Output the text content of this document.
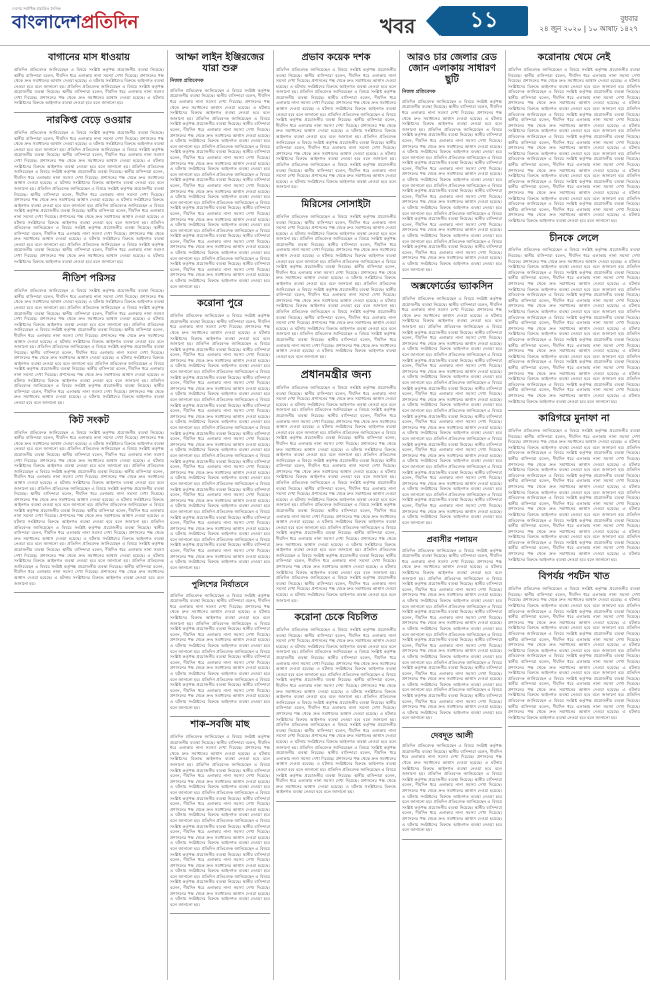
দেশের সর্বাধিক প্রচারিত দৈনিক
বাংলাদেশপ্রতিদিন	খবর	১১	বুধবার
২৪ জুন ২০২০ | ১০ আষাঢ় ১৪২৭
বাগানের মাস ধাওয়ায়

প্রতিদিন প্রতিবেদক জানিয়েছেন এ বিষয়ে সংশ্লিষ্ট কর্তৃপক্ষ প্রয়োজনীয় ব্যবস্থা নিয়েছে। স্থানীয় বাসিন্দারা বলেন, দীর্ঘদিন ধরে এলাকায় নানা সমস্যা দেখা দিয়েছে। প্রশাসনের পক্ষ থেকে দ্রুত সমাধানের আশ্বাস দেওয়া হয়েছে। এ ঘটনায় সংশ্লিষ্টদের বিরুদ্ধে আইনগত ব্যবস্থা নেওয়া হবে বলে জানানো হয়। প্রতিদিন প্রতিবেদক জানিয়েছেন এ বিষয়ে সংশ্লিষ্ট কর্তৃপক্ষ প্রয়োজনীয় ব্যবস্থা নিয়েছে। স্থানীয় বাসিন্দারা বলেন, দীর্ঘদিন ধরে এলাকায় নানা সমস্যা দেখা দিয়েছে। প্রশাসনের পক্ষ থেকে দ্রুত সমাধানের আশ্বাস দেওয়া হয়েছে। এ ঘটনায় সংশ্লিষ্টদের বিরুদ্ধে আইনগত ব্যবস্থা নেওয়া হবে বলে জানানো হয়।

নারকিপ্ত বেড়ে ওওয়ার

প্রতিদিন প্রতিবেদক জানিয়েছেন এ বিষয়ে সংশ্লিষ্ট কর্তৃপক্ষ প্রয়োজনীয় ব্যবস্থা নিয়েছে। স্থানীয় বাসিন্দারা বলেন, দীর্ঘদিন ধরে এলাকায় নানা সমস্যা দেখা দিয়েছে। প্রশাসনের পক্ষ থেকে দ্রুত সমাধানের আশ্বাস দেওয়া হয়েছে। এ ঘটনায় সংশ্লিষ্টদের বিরুদ্ধে আইনগত ব্যবস্থা নেওয়া হবে বলে জানানো হয়। প্রতিদিন প্রতিবেদক জানিয়েছেন এ বিষয়ে সংশ্লিষ্ট কর্তৃপক্ষ প্রয়োজনীয় ব্যবস্থা নিয়েছে। স্থানীয় বাসিন্দারা বলেন, দীর্ঘদিন ধরে এলাকায় নানা সমস্যা দেখা দিয়েছে। প্রশাসনের পক্ষ থেকে দ্রুত সমাধানের আশ্বাস দেওয়া হয়েছে। এ ঘটনায় সংশ্লিষ্টদের বিরুদ্ধে আইনগত ব্যবস্থা নেওয়া হবে বলে জানানো হয়। প্রতিদিন প্রতিবেদক জানিয়েছেন এ বিষয়ে সংশ্লিষ্ট কর্তৃপক্ষ প্রয়োজনীয় ব্যবস্থা নিয়েছে। স্থানীয় বাসিন্দারা বলেন, দীর্ঘদিন ধরে এলাকায় নানা সমস্যা দেখা দিয়েছে। প্রশাসনের পক্ষ থেকে দ্রুত সমাধানের আশ্বাস দেওয়া হয়েছে। এ ঘটনায় সংশ্লিষ্টদের বিরুদ্ধে আইনগত ব্যবস্থা নেওয়া হবে বলে জানানো হয়। প্রতিদিন প্রতিবেদক জানিয়েছেন এ বিষয়ে সংশ্লিষ্ট কর্তৃপক্ষ প্রয়োজনীয় ব্যবস্থা নিয়েছে। স্থানীয় বাসিন্দারা বলেন, দীর্ঘদিন ধরে এলাকায় নানা সমস্যা দেখা দিয়েছে। প্রশাসনের পক্ষ থেকে দ্রুত সমাধানের আশ্বাস দেওয়া হয়েছে। এ ঘটনায় সংশ্লিষ্টদের বিরুদ্ধে আইনগত ব্যবস্থা নেওয়া হবে বলে জানানো হয়। প্রতিদিন প্রতিবেদক জানিয়েছেন এ বিষয়ে সংশ্লিষ্ট কর্তৃপক্ষ প্রয়োজনীয় ব্যবস্থা নিয়েছে। স্থানীয় বাসিন্দারা বলেন, দীর্ঘদিন ধরে এলাকায় নানা সমস্যা দেখা দিয়েছে। প্রশাসনের পক্ষ থেকে দ্রুত সমাধানের আশ্বাস দেওয়া হয়েছে। এ ঘটনায় সংশ্লিষ্টদের বিরুদ্ধে আইনগত ব্যবস্থা নেওয়া হবে বলে জানানো হয়। প্রতিদিন প্রতিবেদক জানিয়েছেন এ বিষয়ে সংশ্লিষ্ট কর্তৃপক্ষ প্রয়োজনীয় ব্যবস্থা নিয়েছে। স্থানীয় বাসিন্দারা বলেন, দীর্ঘদিন ধরে এলাকায় নানা সমস্যা দেখা দিয়েছে। প্রশাসনের পক্ষ থেকে দ্রুত সমাধানের আশ্বাস দেওয়া হয়েছে। এ ঘটনায় সংশ্লিষ্টদের বিরুদ্ধে আইনগত ব্যবস্থা নেওয়া হবে বলে জানানো হয়। প্রতিদিন প্রতিবেদক জানিয়েছেন এ বিষয়ে সংশ্লিষ্ট কর্তৃপক্ষ প্রয়োজনীয় ব্যবস্থা নিয়েছে। স্থানীয় বাসিন্দারা বলেন, দীর্ঘদিন ধরে এলাকায় নানা সমস্যা দেখা দিয়েছে। প্রশাসনের পক্ষ থেকে দ্রুত সমাধানের আশ্বাস দেওয়া হয়েছে। এ ঘটনায় সংশ্লিষ্টদের বিরুদ্ধে আইনগত ব্যবস্থা নেওয়া হবে বলে জানানো হয়।

নীতিশ পরিসর

প্রতিদিন প্রতিবেদক জানিয়েছেন এ বিষয়ে সংশ্লিষ্ট কর্তৃপক্ষ প্রয়োজনীয় ব্যবস্থা নিয়েছে। স্থানীয় বাসিন্দারা বলেন, দীর্ঘদিন ধরে এলাকায় নানা সমস্যা দেখা দিয়েছে। প্রশাসনের পক্ষ থেকে দ্রুত সমাধানের আশ্বাস দেওয়া হয়েছে। এ ঘটনায় সংশ্লিষ্টদের বিরুদ্ধে আইনগত ব্যবস্থা নেওয়া হবে বলে জানানো হয়। প্রতিদিন প্রতিবেদক জানিয়েছেন এ বিষয়ে সংশ্লিষ্ট কর্তৃপক্ষ প্রয়োজনীয় ব্যবস্থা নিয়েছে। স্থানীয় বাসিন্দারা বলেন, দীর্ঘদিন ধরে এলাকায় নানা সমস্যা দেখা দিয়েছে। প্রশাসনের পক্ষ থেকে দ্রুত সমাধানের আশ্বাস দেওয়া হয়েছে। এ ঘটনায় সংশ্লিষ্টদের বিরুদ্ধে আইনগত ব্যবস্থা নেওয়া হবে বলে জানানো হয়। প্রতিদিন প্রতিবেদক জানিয়েছেন এ বিষয়ে সংশ্লিষ্ট কর্তৃপক্ষ প্রয়োজনীয় ব্যবস্থা নিয়েছে। স্থানীয় বাসিন্দারা বলেন, দীর্ঘদিন ধরে এলাকায় নানা সমস্যা দেখা দিয়েছে। প্রশাসনের পক্ষ থেকে দ্রুত সমাধানের আশ্বাস দেওয়া হয়েছে। এ ঘটনায় সংশ্লিষ্টদের বিরুদ্ধে আইনগত ব্যবস্থা নেওয়া হবে বলে জানানো হয়। প্রতিদিন প্রতিবেদক জানিয়েছেন এ বিষয়ে সংশ্লিষ্ট কর্তৃপক্ষ প্রয়োজনীয় ব্যবস্থা নিয়েছে। স্থানীয় বাসিন্দারা বলেন, দীর্ঘদিন ধরে এলাকায় নানা সমস্যা দেখা দিয়েছে। প্রশাসনের পক্ষ থেকে দ্রুত সমাধানের আশ্বাস দেওয়া হয়েছে। এ ঘটনায় সংশ্লিষ্টদের বিরুদ্ধে আইনগত ব্যবস্থা নেওয়া হবে বলে জানানো হয়। প্রতিদিন প্রতিবেদক জানিয়েছেন এ বিষয়ে সংশ্লিষ্ট কর্তৃপক্ষ প্রয়োজনীয় ব্যবস্থা নিয়েছে। স্থানীয় বাসিন্দারা বলেন, দীর্ঘদিন ধরে এলাকায় নানা সমস্যা দেখা দিয়েছে। প্রশাসনের পক্ষ থেকে দ্রুত সমাধানের আশ্বাস দেওয়া হয়েছে। এ ঘটনায় সংশ্লিষ্টদের বিরুদ্ধে আইনগত ব্যবস্থা নেওয়া হবে বলে জানানো হয়। প্রতিদিন প্রতিবেদক জানিয়েছেন এ বিষয়ে সংশ্লিষ্ট কর্তৃপক্ষ প্রয়োজনীয় ব্যবস্থা নিয়েছে। স্থানীয় বাসিন্দারা বলেন, দীর্ঘদিন ধরে এলাকায় নানা সমস্যা দেখা দিয়েছে। প্রশাসনের পক্ষ থেকে দ্রুত সমাধানের আশ্বাস দেওয়া হয়েছে। এ ঘটনায় সংশ্লিষ্টদের বিরুদ্ধে আইনগত ব্যবস্থা নেওয়া হবে বলে জানানো হয়।

কিট সংকট

প্রতিদিন প্রতিবেদক জানিয়েছেন এ বিষয়ে সংশ্লিষ্ট কর্তৃপক্ষ প্রয়োজনীয় ব্যবস্থা নিয়েছে। স্থানীয় বাসিন্দারা বলেন, দীর্ঘদিন ধরে এলাকায় নানা সমস্যা দেখা দিয়েছে। প্রশাসনের পক্ষ থেকে দ্রুত সমাধানের আশ্বাস দেওয়া হয়েছে। এ ঘটনায় সংশ্লিষ্টদের বিরুদ্ধে আইনগত ব্যবস্থা নেওয়া হবে বলে জানানো হয়। প্রতিদিন প্রতিবেদক জানিয়েছেন এ বিষয়ে সংশ্লিষ্ট কর্তৃপক্ষ প্রয়োজনীয় ব্যবস্থা নিয়েছে। স্থানীয় বাসিন্দারা বলেন, দীর্ঘদিন ধরে এলাকায় নানা সমস্যা দেখা দিয়েছে। প্রশাসনের পক্ষ থেকে দ্রুত সমাধানের আশ্বাস দেওয়া হয়েছে। এ ঘটনায় সংশ্লিষ্টদের বিরুদ্ধে আইনগত ব্যবস্থা নেওয়া হবে বলে জানানো হয়। প্রতিদিন প্রতিবেদক জানিয়েছেন এ বিষয়ে সংশ্লিষ্ট কর্তৃপক্ষ প্রয়োজনীয় ব্যবস্থা নিয়েছে। স্থানীয় বাসিন্দারা বলেন, দীর্ঘদিন ধরে এলাকায় নানা সমস্যা দেখা দিয়েছে। প্রশাসনের পক্ষ থেকে দ্রুত সমাধানের আশ্বাস দেওয়া হয়েছে। এ ঘটনায় সংশ্লিষ্টদের বিরুদ্ধে আইনগত ব্যবস্থা নেওয়া হবে বলে জানানো হয়। প্রতিদিন প্রতিবেদক জানিয়েছেন এ বিষয়ে সংশ্লিষ্ট কর্তৃপক্ষ প্রয়োজনীয় ব্যবস্থা নিয়েছে। স্থানীয় বাসিন্দারা বলেন, দীর্ঘদিন ধরে এলাকায় নানা সমস্যা দেখা দিয়েছে। প্রশাসনের পক্ষ থেকে দ্রুত সমাধানের আশ্বাস দেওয়া হয়েছে। এ ঘটনায় সংশ্লিষ্টদের বিরুদ্ধে আইনগত ব্যবস্থা নেওয়া হবে বলে জানানো হয়। প্রতিদিন প্রতিবেদক জানিয়েছেন এ বিষয়ে সংশ্লিষ্ট কর্তৃপক্ষ প্রয়োজনীয় ব্যবস্থা নিয়েছে। স্থানীয় বাসিন্দারা বলেন, দীর্ঘদিন ধরে এলাকায় নানা সমস্যা দেখা দিয়েছে। প্রশাসনের পক্ষ থেকে দ্রুত সমাধানের আশ্বাস দেওয়া হয়েছে। এ ঘটনায় সংশ্লিষ্টদের বিরুদ্ধে আইনগত ব্যবস্থা নেওয়া হবে বলে জানানো হয়। প্রতিদিন প্রতিবেদক জানিয়েছেন এ বিষয়ে সংশ্লিষ্ট কর্তৃপক্ষ প্রয়োজনীয় ব্যবস্থা নিয়েছে। স্থানীয় বাসিন্দারা বলেন, দীর্ঘদিন ধরে এলাকায় নানা সমস্যা দেখা দিয়েছে। প্রশাসনের পক্ষ থেকে দ্রুত সমাধানের আশ্বাস দেওয়া হয়েছে। এ ঘটনায় সংশ্লিষ্টদের বিরুদ্ধে আইনগত ব্যবস্থা নেওয়া হবে বলে জানানো হয়। প্রতিদিন প্রতিবেদক জানিয়েছেন এ বিষয়ে সংশ্লিষ্ট কর্তৃপক্ষ প্রয়োজনীয় ব্যবস্থা নিয়েছে। স্থানীয় বাসিন্দারা বলেন, দীর্ঘদিন ধরে এলাকায় নানা সমস্যা দেখা দিয়েছে। প্রশাসনের পক্ষ থেকে দ্রুত সমাধানের আশ্বাস দেওয়া হয়েছে। এ ঘটনায় সংশ্লিষ্টদের বিরুদ্ধে আইনগত ব্যবস্থা নেওয়া হবে বলে জানানো হয়। প্রতিদিন প্রতিবেদক জানিয়েছেন এ বিষয়ে সংশ্লিষ্ট কর্তৃপক্ষ প্রয়োজনীয় ব্যবস্থা নিয়েছে। স্থানীয় বাসিন্দারা বলেন, দীর্ঘদিন ধরে এলাকায় নানা সমস্যা দেখা দিয়েছে। প্রশাসনের পক্ষ থেকে দ্রুত সমাধানের আশ্বাস দেওয়া হয়েছে। এ ঘটনায় সংশ্লিষ্টদের বিরুদ্ধে আইনগত ব্যবস্থা নেওয়া হবে বলে জানানো হয়।

আম্ফা লাইন ইঞ্জিরজের যারা শুরু
নিজস্ব প্রতিবেদক

প্রতিদিন প্রতিবেদক জানিয়েছেন এ বিষয়ে সংশ্লিষ্ট কর্তৃপক্ষ প্রয়োজনীয় ব্যবস্থা নিয়েছে। স্থানীয় বাসিন্দারা বলেন, দীর্ঘদিন ধরে এলাকায় নানা সমস্যা দেখা দিয়েছে। প্রশাসনের পক্ষ থেকে দ্রুত সমাধানের আশ্বাস দেওয়া হয়েছে। এ ঘটনায় সংশ্লিষ্টদের বিরুদ্ধে আইনগত ব্যবস্থা নেওয়া হবে বলে জানানো হয়। প্রতিদিন প্রতিবেদক জানিয়েছেন এ বিষয়ে সংশ্লিষ্ট কর্তৃপক্ষ প্রয়োজনীয় ব্যবস্থা নিয়েছে। স্থানীয় বাসিন্দারা বলেন, দীর্ঘদিন ধরে এলাকায় নানা সমস্যা দেখা দিয়েছে। প্রশাসনের পক্ষ থেকে দ্রুত সমাধানের আশ্বাস দেওয়া হয়েছে। এ ঘটনায় সংশ্লিষ্টদের বিরুদ্ধে আইনগত ব্যবস্থা নেওয়া হবে বলে জানানো হয়। প্রতিদিন প্রতিবেদক জানিয়েছেন এ বিষয়ে সংশ্লিষ্ট কর্তৃপক্ষ প্রয়োজনীয় ব্যবস্থা নিয়েছে। স্থানীয় বাসিন্দারা বলেন, দীর্ঘদিন ধরে এলাকায় নানা সমস্যা দেখা দিয়েছে। প্রশাসনের পক্ষ থেকে দ্রুত সমাধানের আশ্বাস দেওয়া হয়েছে। এ ঘটনায় সংশ্লিষ্টদের বিরুদ্ধে আইনগত ব্যবস্থা নেওয়া হবে বলে জানানো হয়। প্রতিদিন প্রতিবেদক জানিয়েছেন এ বিষয়ে সংশ্লিষ্ট কর্তৃপক্ষ প্রয়োজনীয় ব্যবস্থা নিয়েছে। স্থানীয় বাসিন্দারা বলেন, দীর্ঘদিন ধরে এলাকায় নানা সমস্যা দেখা দিয়েছে। প্রশাসনের পক্ষ থেকে দ্রুত সমাধানের আশ্বাস দেওয়া হয়েছে। এ ঘটনায় সংশ্লিষ্টদের বিরুদ্ধে আইনগত ব্যবস্থা নেওয়া হবে বলে জানানো হয়। প্রতিদিন প্রতিবেদক জানিয়েছেন এ বিষয়ে সংশ্লিষ্ট কর্তৃপক্ষ প্রয়োজনীয় ব্যবস্থা নিয়েছে। স্থানীয় বাসিন্দারা বলেন, দীর্ঘদিন ধরে এলাকায় নানা সমস্যা দেখা দিয়েছে। প্রশাসনের পক্ষ থেকে দ্রুত সমাধানের আশ্বাস দেওয়া হয়েছে। এ ঘটনায় সংশ্লিষ্টদের বিরুদ্ধে আইনগত ব্যবস্থা নেওয়া হবে বলে জানানো হয়। প্রতিদিন প্রতিবেদক জানিয়েছেন এ বিষয়ে সংশ্লিষ্ট কর্তৃপক্ষ প্রয়োজনীয় ব্যবস্থা নিয়েছে। স্থানীয় বাসিন্দারা বলেন, দীর্ঘদিন ধরে এলাকায় নানা সমস্যা দেখা দিয়েছে। প্রশাসনের পক্ষ থেকে দ্রুত সমাধানের আশ্বাস দেওয়া হয়েছে। এ ঘটনায় সংশ্লিষ্টদের বিরুদ্ধে আইনগত ব্যবস্থা নেওয়া হবে বলে জানানো হয়। প্রতিদিন প্রতিবেদক জানিয়েছেন এ বিষয়ে সংশ্লিষ্ট কর্তৃপক্ষ প্রয়োজনীয় ব্যবস্থা নিয়েছে। স্থানীয় বাসিন্দারা বলেন, দীর্ঘদিন ধরে এলাকায় নানা সমস্যা দেখা দিয়েছে। প্রশাসনের পক্ষ থেকে দ্রুত সমাধানের আশ্বাস দেওয়া হয়েছে। এ ঘটনায় সংশ্লিষ্টদের বিরুদ্ধে আইনগত ব্যবস্থা নেওয়া হবে বলে জানানো হয়।

করোনা পুরে

প্রতিদিন প্রতিবেদক জানিয়েছেন এ বিষয়ে সংশ্লিষ্ট কর্তৃপক্ষ প্রয়োজনীয় ব্যবস্থা নিয়েছে। স্থানীয় বাসিন্দারা বলেন, দীর্ঘদিন ধরে এলাকায় নানা সমস্যা দেখা দিয়েছে। প্রশাসনের পক্ষ থেকে দ্রুত সমাধানের আশ্বাস দেওয়া হয়েছে। এ ঘটনায় সংশ্লিষ্টদের বিরুদ্ধে আইনগত ব্যবস্থা নেওয়া হবে বলে জানানো হয়। প্রতিদিন প্রতিবেদক জানিয়েছেন এ বিষয়ে সংশ্লিষ্ট কর্তৃপক্ষ প্রয়োজনীয় ব্যবস্থা নিয়েছে। স্থানীয় বাসিন্দারা বলেন, দীর্ঘদিন ধরে এলাকায় নানা সমস্যা দেখা দিয়েছে। প্রশাসনের পক্ষ থেকে দ্রুত সমাধানের আশ্বাস দেওয়া হয়েছে। এ ঘটনায় সংশ্লিষ্টদের বিরুদ্ধে আইনগত ব্যবস্থা নেওয়া হবে বলে জানানো হয়। প্রতিদিন প্রতিবেদক জানিয়েছেন এ বিষয়ে সংশ্লিষ্ট কর্তৃপক্ষ প্রয়োজনীয় ব্যবস্থা নিয়েছে। স্থানীয় বাসিন্দারা বলেন, দীর্ঘদিন ধরে এলাকায় নানা সমস্যা দেখা দিয়েছে। প্রশাসনের পক্ষ থেকে দ্রুত সমাধানের আশ্বাস দেওয়া হয়েছে। এ ঘটনায় সংশ্লিষ্টদের বিরুদ্ধে আইনগত ব্যবস্থা নেওয়া হবে বলে জানানো হয়। প্রতিদিন প্রতিবেদক জানিয়েছেন এ বিষয়ে সংশ্লিষ্ট কর্তৃপক্ষ প্রয়োজনীয় ব্যবস্থা নিয়েছে। স্থানীয় বাসিন্দারা বলেন, দীর্ঘদিন ধরে এলাকায় নানা সমস্যা দেখা দিয়েছে। প্রশাসনের পক্ষ থেকে দ্রুত সমাধানের আশ্বাস দেওয়া হয়েছে। এ ঘটনায় সংশ্লিষ্টদের বিরুদ্ধে আইনগত ব্যবস্থা নেওয়া হবে বলে জানানো হয়। প্রতিদিন প্রতিবেদক জানিয়েছেন এ বিষয়ে সংশ্লিষ্ট কর্তৃপক্ষ প্রয়োজনীয় ব্যবস্থা নিয়েছে। স্থানীয় বাসিন্দারা বলেন, দীর্ঘদিন ধরে এলাকায় নানা সমস্যা দেখা দিয়েছে। প্রশাসনের পক্ষ থেকে দ্রুত সমাধানের আশ্বাস দেওয়া হয়েছে। এ ঘটনায় সংশ্লিষ্টদের বিরুদ্ধে আইনগত ব্যবস্থা নেওয়া হবে বলে জানানো হয়। প্রতিদিন প্রতিবেদক জানিয়েছেন এ বিষয়ে সংশ্লিষ্ট কর্তৃপক্ষ প্রয়োজনীয় ব্যবস্থা নিয়েছে। স্থানীয় বাসিন্দারা বলেন, দীর্ঘদিন ধরে এলাকায় নানা সমস্যা দেখা দিয়েছে। প্রশাসনের পক্ষ থেকে দ্রুত সমাধানের আশ্বাস দেওয়া হয়েছে। এ ঘটনায় সংশ্লিষ্টদের বিরুদ্ধে আইনগত ব্যবস্থা নেওয়া হবে বলে জানানো হয়। প্রতিদিন প্রতিবেদক জানিয়েছেন এ বিষয়ে সংশ্লিষ্ট কর্তৃপক্ষ প্রয়োজনীয় ব্যবস্থা নিয়েছে। স্থানীয় বাসিন্দারা বলেন, দীর্ঘদিন ধরে এলাকায় নানা সমস্যা দেখা দিয়েছে। প্রশাসনের পক্ষ থেকে দ্রুত সমাধানের আশ্বাস দেওয়া হয়েছে। এ ঘটনায় সংশ্লিষ্টদের বিরুদ্ধে আইনগত ব্যবস্থা নেওয়া হবে বলে জানানো হয়। প্রতিদিন প্রতিবেদক জানিয়েছেন এ বিষয়ে সংশ্লিষ্ট কর্তৃপক্ষ প্রয়োজনীয় ব্যবস্থা নিয়েছে। স্থানীয় বাসিন্দারা বলেন, দীর্ঘদিন ধরে এলাকায় নানা সমস্যা দেখা দিয়েছে। প্রশাসনের পক্ষ থেকে দ্রুত সমাধানের আশ্বাস দেওয়া হয়েছে। এ ঘটনায় সংশ্লিষ্টদের বিরুদ্ধে আইনগত ব্যবস্থা নেওয়া হবে বলে জানানো হয়। প্রতিদিন প্রতিবেদক জানিয়েছেন এ বিষয়ে সংশ্লিষ্ট কর্তৃপক্ষ প্রয়োজনীয় ব্যবস্থা নিয়েছে। স্থানীয় বাসিন্দারা বলেন, দীর্ঘদিন ধরে এলাকায় নানা সমস্যা দেখা দিয়েছে। প্রশাসনের পক্ষ থেকে দ্রুত সমাধানের আশ্বাস দেওয়া হয়েছে। এ ঘটনায় সংশ্লিষ্টদের বিরুদ্ধে আইনগত ব্যবস্থা নেওয়া হবে বলে জানানো হয়।

পুলিশের নির্যাতনে

প্রতিদিন প্রতিবেদক জানিয়েছেন এ বিষয়ে সংশ্লিষ্ট কর্তৃপক্ষ প্রয়োজনীয় ব্যবস্থা নিয়েছে। স্থানীয় বাসিন্দারা বলেন, দীর্ঘদিন ধরে এলাকায় নানা সমস্যা দেখা দিয়েছে। প্রশাসনের পক্ষ থেকে দ্রুত সমাধানের আশ্বাস দেওয়া হয়েছে। এ ঘটনায় সংশ্লিষ্টদের বিরুদ্ধে আইনগত ব্যবস্থা নেওয়া হবে বলে জানানো হয়। প্রতিদিন প্রতিবেদক জানিয়েছেন এ বিষয়ে সংশ্লিষ্ট কর্তৃপক্ষ প্রয়োজনীয় ব্যবস্থা নিয়েছে। স্থানীয় বাসিন্দারা বলেন, দীর্ঘদিন ধরে এলাকায় নানা সমস্যা দেখা দিয়েছে। প্রশাসনের পক্ষ থেকে দ্রুত সমাধানের আশ্বাস দেওয়া হয়েছে। এ ঘটনায় সংশ্লিষ্টদের বিরুদ্ধে আইনগত ব্যবস্থা নেওয়া হবে বলে জানানো হয়। প্রতিদিন প্রতিবেদক জানিয়েছেন এ বিষয়ে সংশ্লিষ্ট কর্তৃপক্ষ প্রয়োজনীয় ব্যবস্থা নিয়েছে। স্থানীয় বাসিন্দারা বলেন, দীর্ঘদিন ধরে এলাকায় নানা সমস্যা দেখা দিয়েছে। প্রশাসনের পক্ষ থেকে দ্রুত সমাধানের আশ্বাস দেওয়া হয়েছে। এ ঘটনায় সংশ্লিষ্টদের বিরুদ্ধে আইনগত ব্যবস্থা নেওয়া হবে বলে জানানো হয়। প্রতিদিন প্রতিবেদক জানিয়েছেন এ বিষয়ে সংশ্লিষ্ট কর্তৃপক্ষ প্রয়োজনীয় ব্যবস্থা নিয়েছে। স্থানীয় বাসিন্দারা বলেন, দীর্ঘদিন ধরে এলাকায় নানা সমস্যা দেখা দিয়েছে। প্রশাসনের পক্ষ থেকে দ্রুত সমাধানের আশ্বাস দেওয়া হয়েছে। এ ঘটনায় সংশ্লিষ্টদের বিরুদ্ধে আইনগত ব্যবস্থা নেওয়া হবে বলে জানানো হয়।

শাক-সবজি মাছ

প্রতিদিন প্রতিবেদক জানিয়েছেন এ বিষয়ে সংশ্লিষ্ট কর্তৃপক্ষ প্রয়োজনীয় ব্যবস্থা নিয়েছে। স্থানীয় বাসিন্দারা বলেন, দীর্ঘদিন ধরে এলাকায় নানা সমস্যা দেখা দিয়েছে। প্রশাসনের পক্ষ থেকে দ্রুত সমাধানের আশ্বাস দেওয়া হয়েছে। এ ঘটনায় সংশ্লিষ্টদের বিরুদ্ধে আইনগত ব্যবস্থা নেওয়া হবে বলে জানানো হয়। প্রতিদিন প্রতিবেদক জানিয়েছেন এ বিষয়ে সংশ্লিষ্ট কর্তৃপক্ষ প্রয়োজনীয় ব্যবস্থা নিয়েছে। স্থানীয় বাসিন্দারা বলেন, দীর্ঘদিন ধরে এলাকায় নানা সমস্যা দেখা দিয়েছে। প্রশাসনের পক্ষ থেকে দ্রুত সমাধানের আশ্বাস দেওয়া হয়েছে। এ ঘটনায় সংশ্লিষ্টদের বিরুদ্ধে আইনগত ব্যবস্থা নেওয়া হবে বলে জানানো হয়। প্রতিদিন প্রতিবেদক জানিয়েছেন এ বিষয়ে সংশ্লিষ্ট কর্তৃপক্ষ প্রয়োজনীয় ব্যবস্থা নিয়েছে। স্থানীয় বাসিন্দারা বলেন, দীর্ঘদিন ধরে এলাকায় নানা সমস্যা দেখা দিয়েছে। প্রশাসনের পক্ষ থেকে দ্রুত সমাধানের আশ্বাস দেওয়া হয়েছে। এ ঘটনায় সংশ্লিষ্টদের বিরুদ্ধে আইনগত ব্যবস্থা নেওয়া হবে বলে জানানো হয়। প্রতিদিন প্রতিবেদক জানিয়েছেন এ বিষয়ে সংশ্লিষ্ট কর্তৃপক্ষ প্রয়োজনীয় ব্যবস্থা নিয়েছে। স্থানীয় বাসিন্দারা বলেন, দীর্ঘদিন ধরে এলাকায় নানা সমস্যা দেখা দিয়েছে। প্রশাসনের পক্ষ থেকে দ্রুত সমাধানের আশ্বাস দেওয়া হয়েছে। এ ঘটনায় সংশ্লিষ্টদের বিরুদ্ধে আইনগত ব্যবস্থা নেওয়া হবে বলে জানানো হয়। প্রতিদিন প্রতিবেদক জানিয়েছেন এ বিষয়ে সংশ্লিষ্ট কর্তৃপক্ষ প্রয়োজনীয় ব্যবস্থা নিয়েছে। স্থানীয় বাসিন্দারা বলেন, দীর্ঘদিন ধরে এলাকায় নানা সমস্যা দেখা দিয়েছে। প্রশাসনের পক্ষ থেকে দ্রুত সমাধানের আশ্বাস দেওয়া হয়েছে। এ ঘটনায় সংশ্লিষ্টদের বিরুদ্ধে আইনগত ব্যবস্থা নেওয়া হবে বলে জানানো হয়। প্রতিদিন প্রতিবেদক জানিয়েছেন এ বিষয়ে সংশ্লিষ্ট কর্তৃপক্ষ প্রয়োজনীয় ব্যবস্থা নিয়েছে। স্থানীয় বাসিন্দারা বলেন, দীর্ঘদিন ধরে এলাকায় নানা সমস্যা দেখা দিয়েছে। প্রশাসনের পক্ষ থেকে দ্রুত সমাধানের আশ্বাস দেওয়া হয়েছে। এ ঘটনায় সংশ্লিষ্টদের বিরুদ্ধে আইনগত ব্যবস্থা নেওয়া হবে বলে জানানো হয়।

প্রভাব কয়েক দশক

প্রতিদিন প্রতিবেদক জানিয়েছেন এ বিষয়ে সংশ্লিষ্ট কর্তৃপক্ষ প্রয়োজনীয় ব্যবস্থা নিয়েছে। স্থানীয় বাসিন্দারা বলেন, দীর্ঘদিন ধরে এলাকায় নানা সমস্যা দেখা দিয়েছে। প্রশাসনের পক্ষ থেকে দ্রুত সমাধানের আশ্বাস দেওয়া হয়েছে। এ ঘটনায় সংশ্লিষ্টদের বিরুদ্ধে আইনগত ব্যবস্থা নেওয়া হবে বলে জানানো হয়। প্রতিদিন প্রতিবেদক জানিয়েছেন এ বিষয়ে সংশ্লিষ্ট কর্তৃপক্ষ প্রয়োজনীয় ব্যবস্থা নিয়েছে। স্থানীয় বাসিন্দারা বলেন, দীর্ঘদিন ধরে এলাকায় নানা সমস্যা দেখা দিয়েছে। প্রশাসনের পক্ষ থেকে দ্রুত সমাধানের আশ্বাস দেওয়া হয়েছে। এ ঘটনায় সংশ্লিষ্টদের বিরুদ্ধে আইনগত ব্যবস্থা নেওয়া হবে বলে জানানো হয়। প্রতিদিন প্রতিবেদক জানিয়েছেন এ বিষয়ে সংশ্লিষ্ট কর্তৃপক্ষ প্রয়োজনীয় ব্যবস্থা নিয়েছে। স্থানীয় বাসিন্দারা বলেন, দীর্ঘদিন ধরে এলাকায় নানা সমস্যা দেখা দিয়েছে। প্রশাসনের পক্ষ থেকে দ্রুত সমাধানের আশ্বাস দেওয়া হয়েছে। এ ঘটনায় সংশ্লিষ্টদের বিরুদ্ধে আইনগত ব্যবস্থা নেওয়া হবে বলে জানানো হয়। প্রতিদিন প্রতিবেদক জানিয়েছেন এ বিষয়ে সংশ্লিষ্ট কর্তৃপক্ষ প্রয়োজনীয় ব্যবস্থা নিয়েছে। স্থানীয় বাসিন্দারা বলেন, দীর্ঘদিন ধরে এলাকায় নানা সমস্যা দেখা দিয়েছে। প্রশাসনের পক্ষ থেকে দ্রুত সমাধানের আশ্বাস দেওয়া হয়েছে। এ ঘটনায় সংশ্লিষ্টদের বিরুদ্ধে আইনগত ব্যবস্থা নেওয়া হবে বলে জানানো হয়। প্রতিদিন প্রতিবেদক জানিয়েছেন এ বিষয়ে সংশ্লিষ্ট কর্তৃপক্ষ প্রয়োজনীয় ব্যবস্থা নিয়েছে। স্থানীয় বাসিন্দারা বলেন, দীর্ঘদিন ধরে এলাকায় নানা সমস্যা দেখা দিয়েছে। প্রশাসনের পক্ষ থেকে দ্রুত সমাধানের আশ্বাস দেওয়া হয়েছে। এ ঘটনায় সংশ্লিষ্টদের বিরুদ্ধে আইনগত ব্যবস্থা নেওয়া হবে বলে জানানো হয়।

মিরিসের সোসাইটা

প্রতিদিন প্রতিবেদক জানিয়েছেন এ বিষয়ে সংশ্লিষ্ট কর্তৃপক্ষ প্রয়োজনীয় ব্যবস্থা নিয়েছে। স্থানীয় বাসিন্দারা বলেন, দীর্ঘদিন ধরে এলাকায় নানা সমস্যা দেখা দিয়েছে। প্রশাসনের পক্ষ থেকে দ্রুত সমাধানের আশ্বাস দেওয়া হয়েছে। এ ঘটনায় সংশ্লিষ্টদের বিরুদ্ধে আইনগত ব্যবস্থা নেওয়া হবে বলে জানানো হয়। প্রতিদিন প্রতিবেদক জানিয়েছেন এ বিষয়ে সংশ্লিষ্ট কর্তৃপক্ষ প্রয়োজনীয় ব্যবস্থা নিয়েছে। স্থানীয় বাসিন্দারা বলেন, দীর্ঘদিন ধরে এলাকায় নানা সমস্যা দেখা দিয়েছে। প্রশাসনের পক্ষ থেকে দ্রুত সমাধানের আশ্বাস দেওয়া হয়েছে। এ ঘটনায় সংশ্লিষ্টদের বিরুদ্ধে আইনগত ব্যবস্থা নেওয়া হবে বলে জানানো হয়। প্রতিদিন প্রতিবেদক জানিয়েছেন এ বিষয়ে সংশ্লিষ্ট কর্তৃপক্ষ প্রয়োজনীয় ব্যবস্থা নিয়েছে। স্থানীয় বাসিন্দারা বলেন, দীর্ঘদিন ধরে এলাকায় নানা সমস্যা দেখা দিয়েছে। প্রশাসনের পক্ষ থেকে দ্রুত সমাধানের আশ্বাস দেওয়া হয়েছে। এ ঘটনায় সংশ্লিষ্টদের বিরুদ্ধে আইনগত ব্যবস্থা নেওয়া হবে বলে জানানো হয়। প্রতিদিন প্রতিবেদক জানিয়েছেন এ বিষয়ে সংশ্লিষ্ট কর্তৃপক্ষ প্রয়োজনীয় ব্যবস্থা নিয়েছে। স্থানীয় বাসিন্দারা বলেন, দীর্ঘদিন ধরে এলাকায় নানা সমস্যা দেখা দিয়েছে। প্রশাসনের পক্ষ থেকে দ্রুত সমাধানের আশ্বাস দেওয়া হয়েছে। এ ঘটনায় সংশ্লিষ্টদের বিরুদ্ধে আইনগত ব্যবস্থা নেওয়া হবে বলে জানানো হয়। প্রতিদিন প্রতিবেদক জানিয়েছেন এ বিষয়ে সংশ্লিষ্ট কর্তৃপক্ষ প্রয়োজনীয় ব্যবস্থা নিয়েছে। স্থানীয় বাসিন্দারা বলেন, দীর্ঘদিন ধরে এলাকায় নানা সমস্যা দেখা দিয়েছে। প্রশাসনের পক্ষ থেকে দ্রুত সমাধানের আশ্বাস দেওয়া হয়েছে। এ ঘটনায় সংশ্লিষ্টদের বিরুদ্ধে আইনগত ব্যবস্থা নেওয়া হবে বলে জানানো হয়। প্রতিদিন প্রতিবেদক জানিয়েছেন এ বিষয়ে সংশ্লিষ্ট কর্তৃপক্ষ প্রয়োজনীয় ব্যবস্থা নিয়েছে। স্থানীয় বাসিন্দারা বলেন, দীর্ঘদিন ধরে এলাকায় নানা সমস্যা দেখা দিয়েছে। প্রশাসনের পক্ষ থেকে দ্রুত সমাধানের আশ্বাস দেওয়া হয়েছে। এ ঘটনায় সংশ্লিষ্টদের বিরুদ্ধে আইনগত ব্যবস্থা নেওয়া হবে বলে জানানো হয়।

প্রধানমন্ত্রীর জন্য

প্রতিদিন প্রতিবেদক জানিয়েছেন এ বিষয়ে সংশ্লিষ্ট কর্তৃপক্ষ প্রয়োজনীয় ব্যবস্থা নিয়েছে। স্থানীয় বাসিন্দারা বলেন, দীর্ঘদিন ধরে এলাকায় নানা সমস্যা দেখা দিয়েছে। প্রশাসনের পক্ষ থেকে দ্রুত সমাধানের আশ্বাস দেওয়া হয়েছে। এ ঘটনায় সংশ্লিষ্টদের বিরুদ্ধে আইনগত ব্যবস্থা নেওয়া হবে বলে জানানো হয়। প্রতিদিন প্রতিবেদক জানিয়েছেন এ বিষয়ে সংশ্লিষ্ট কর্তৃপক্ষ প্রয়োজনীয় ব্যবস্থা নিয়েছে। স্থানীয় বাসিন্দারা বলেন, দীর্ঘদিন ধরে এলাকায় নানা সমস্যা দেখা দিয়েছে। প্রশাসনের পক্ষ থেকে দ্রুত সমাধানের আশ্বাস দেওয়া হয়েছে। এ ঘটনায় সংশ্লিষ্টদের বিরুদ্ধে আইনগত ব্যবস্থা নেওয়া হবে বলে জানানো হয়। প্রতিদিন প্রতিবেদক জানিয়েছেন এ বিষয়ে সংশ্লিষ্ট কর্তৃপক্ষ প্রয়োজনীয় ব্যবস্থা নিয়েছে। স্থানীয় বাসিন্দারা বলেন, দীর্ঘদিন ধরে এলাকায় নানা সমস্যা দেখা দিয়েছে। প্রশাসনের পক্ষ থেকে দ্রুত সমাধানের আশ্বাস দেওয়া হয়েছে। এ ঘটনায় সংশ্লিষ্টদের বিরুদ্ধে আইনগত ব্যবস্থা নেওয়া হবে বলে জানানো হয়। প্রতিদিন প্রতিবেদক জানিয়েছেন এ বিষয়ে সংশ্লিষ্ট কর্তৃপক্ষ প্রয়োজনীয় ব্যবস্থা নিয়েছে। স্থানীয় বাসিন্দারা বলেন, দীর্ঘদিন ধরে এলাকায় নানা সমস্যা দেখা দিয়েছে। প্রশাসনের পক্ষ থেকে দ্রুত সমাধানের আশ্বাস দেওয়া হয়েছে। এ ঘটনায় সংশ্লিষ্টদের বিরুদ্ধে আইনগত ব্যবস্থা নেওয়া হবে বলে জানানো হয়। প্রতিদিন প্রতিবেদক জানিয়েছেন এ বিষয়ে সংশ্লিষ্ট কর্তৃপক্ষ প্রয়োজনীয় ব্যবস্থা নিয়েছে। স্থানীয় বাসিন্দারা বলেন, দীর্ঘদিন ধরে এলাকায় নানা সমস্যা দেখা দিয়েছে। প্রশাসনের পক্ষ থেকে দ্রুত সমাধানের আশ্বাস দেওয়া হয়েছে। এ ঘটনায় সংশ্লিষ্টদের বিরুদ্ধে আইনগত ব্যবস্থা নেওয়া হবে বলে জানানো হয়। প্রতিদিন প্রতিবেদক জানিয়েছেন এ বিষয়ে সংশ্লিষ্ট কর্তৃপক্ষ প্রয়োজনীয় ব্যবস্থা নিয়েছে। স্থানীয় বাসিন্দারা বলেন, দীর্ঘদিন ধরে এলাকায় নানা সমস্যা দেখা দিয়েছে। প্রশাসনের পক্ষ থেকে দ্রুত সমাধানের আশ্বাস দেওয়া হয়েছে। এ ঘটনায় সংশ্লিষ্টদের বিরুদ্ধে আইনগত ব্যবস্থা নেওয়া হবে বলে জানানো হয়। প্রতিদিন প্রতিবেদক জানিয়েছেন এ বিষয়ে সংশ্লিষ্ট কর্তৃপক্ষ প্রয়োজনীয় ব্যবস্থা নিয়েছে। স্থানীয় বাসিন্দারা বলেন, দীর্ঘদিন ধরে এলাকায় নানা সমস্যা দেখা দিয়েছে। প্রশাসনের পক্ষ থেকে দ্রুত সমাধানের আশ্বাস দেওয়া হয়েছে। এ ঘটনায় সংশ্লিষ্টদের বিরুদ্ধে আইনগত ব্যবস্থা নেওয়া হবে বলে জানানো হয়। প্রতিদিন প্রতিবেদক জানিয়েছেন এ বিষয়ে সংশ্লিষ্ট কর্তৃপক্ষ প্রয়োজনীয় ব্যবস্থা নিয়েছে। স্থানীয় বাসিন্দারা বলেন, দীর্ঘদিন ধরে এলাকায় নানা সমস্যা দেখা দিয়েছে। প্রশাসনের পক্ষ থেকে দ্রুত সমাধানের আশ্বাস দেওয়া হয়েছে। এ ঘটনায় সংশ্লিষ্টদের বিরুদ্ধে আইনগত ব্যবস্থা নেওয়া হবে বলে জানানো হয়। প্রতিদিন প্রতিবেদক জানিয়েছেন এ বিষয়ে সংশ্লিষ্ট কর্তৃপক্ষ প্রয়োজনীয় ব্যবস্থা নিয়েছে। স্থানীয় বাসিন্দারা বলেন, দীর্ঘদিন ধরে এলাকায় নানা সমস্যা দেখা দিয়েছে। প্রশাসনের পক্ষ থেকে দ্রুত সমাধানের আশ্বাস দেওয়া হয়েছে। এ ঘটনায় সংশ্লিষ্টদের বিরুদ্ধে আইনগত ব্যবস্থা নেওয়া হবে বলে জানানো হয়।

করোনা চেকে বিচলিত

প্রতিদিন প্রতিবেদক জানিয়েছেন এ বিষয়ে সংশ্লিষ্ট কর্তৃপক্ষ প্রয়োজনীয় ব্যবস্থা নিয়েছে। স্থানীয় বাসিন্দারা বলেন, দীর্ঘদিন ধরে এলাকায় নানা সমস্যা দেখা দিয়েছে। প্রশাসনের পক্ষ থেকে দ্রুত সমাধানের আশ্বাস দেওয়া হয়েছে। এ ঘটনায় সংশ্লিষ্টদের বিরুদ্ধে আইনগত ব্যবস্থা নেওয়া হবে বলে জানানো হয়। প্রতিদিন প্রতিবেদক জানিয়েছেন এ বিষয়ে সংশ্লিষ্ট কর্তৃপক্ষ প্রয়োজনীয় ব্যবস্থা নিয়েছে। স্থানীয় বাসিন্দারা বলেন, দীর্ঘদিন ধরে এলাকায় নানা সমস্যা দেখা দিয়েছে। প্রশাসনের পক্ষ থেকে দ্রুত সমাধানের আশ্বাস দেওয়া হয়েছে। এ ঘটনায় সংশ্লিষ্টদের বিরুদ্ধে আইনগত ব্যবস্থা নেওয়া হবে বলে জানানো হয়। প্রতিদিন প্রতিবেদক জানিয়েছেন এ বিষয়ে সংশ্লিষ্ট কর্তৃপক্ষ প্রয়োজনীয় ব্যবস্থা নিয়েছে। স্থানীয় বাসিন্দারা বলেন, দীর্ঘদিন ধরে এলাকায় নানা সমস্যা দেখা দিয়েছে। প্রশাসনের পক্ষ থেকে দ্রুত সমাধানের আশ্বাস দেওয়া হয়েছে। এ ঘটনায় সংশ্লিষ্টদের বিরুদ্ধে আইনগত ব্যবস্থা নেওয়া হবে বলে জানানো হয়। প্রতিদিন প্রতিবেদক জানিয়েছেন এ বিষয়ে সংশ্লিষ্ট কর্তৃপক্ষ প্রয়োজনীয় ব্যবস্থা নিয়েছে। স্থানীয় বাসিন্দারা বলেন, দীর্ঘদিন ধরে এলাকায় নানা সমস্যা দেখা দিয়েছে। প্রশাসনের পক্ষ থেকে দ্রুত সমাধানের আশ্বাস দেওয়া হয়েছে। এ ঘটনায় সংশ্লিষ্টদের বিরুদ্ধে আইনগত ব্যবস্থা নেওয়া হবে বলে জানানো হয়। প্রতিদিন প্রতিবেদক জানিয়েছেন এ বিষয়ে সংশ্লিষ্ট কর্তৃপক্ষ প্রয়োজনীয় ব্যবস্থা নিয়েছে। স্থানীয় বাসিন্দারা বলেন, দীর্ঘদিন ধরে এলাকায় নানা সমস্যা দেখা দিয়েছে। প্রশাসনের পক্ষ থেকে দ্রুত সমাধানের আশ্বাস দেওয়া হয়েছে। এ ঘটনায় সংশ্লিষ্টদের বিরুদ্ধে আইনগত ব্যবস্থা নেওয়া হবে বলে জানানো হয়। প্রতিদিন প্রতিবেদক জানিয়েছেন এ বিষয়ে সংশ্লিষ্ট কর্তৃপক্ষ প্রয়োজনীয় ব্যবস্থা নিয়েছে। স্থানীয় বাসিন্দারা বলেন, দীর্ঘদিন ধরে এলাকায় নানা সমস্যা দেখা দিয়েছে। প্রশাসনের পক্ষ থেকে দ্রুত সমাধানের আশ্বাস দেওয়া হয়েছে। এ ঘটনায় সংশ্লিষ্টদের বিরুদ্ধে আইনগত ব্যবস্থা নেওয়া হবে বলে জানানো হয়। প্রতিদিন প্রতিবেদক জানিয়েছেন এ বিষয়ে সংশ্লিষ্ট কর্তৃপক্ষ প্রয়োজনীয় ব্যবস্থা নিয়েছে। স্থানীয় বাসিন্দারা বলেন, দীর্ঘদিন ধরে এলাকায় নানা সমস্যা দেখা দিয়েছে। প্রশাসনের পক্ষ থেকে দ্রুত সমাধানের আশ্বাস দেওয়া হয়েছে। এ ঘটনায় সংশ্লিষ্টদের বিরুদ্ধে আইনগত ব্যবস্থা নেওয়া হবে বলে জানানো হয়।

আরও চার জেলার রেড জোন এলাকায় সাধারণ ছুটি
নিজস্ব প্রতিবেদক

প্রতিদিন প্রতিবেদক জানিয়েছেন এ বিষয়ে সংশ্লিষ্ট কর্তৃপক্ষ প্রয়োজনীয় ব্যবস্থা নিয়েছে। স্থানীয় বাসিন্দারা বলেন, দীর্ঘদিন ধরে এলাকায় নানা সমস্যা দেখা দিয়েছে। প্রশাসনের পক্ষ থেকে দ্রুত সমাধানের আশ্বাস দেওয়া হয়েছে। এ ঘটনায় সংশ্লিষ্টদের বিরুদ্ধে আইনগত ব্যবস্থা নেওয়া হবে বলে জানানো হয়। প্রতিদিন প্রতিবেদক জানিয়েছেন এ বিষয়ে সংশ্লিষ্ট কর্তৃপক্ষ প্রয়োজনীয় ব্যবস্থা নিয়েছে। স্থানীয় বাসিন্দারা বলেন, দীর্ঘদিন ধরে এলাকায় নানা সমস্যা দেখা দিয়েছে। প্রশাসনের পক্ষ থেকে দ্রুত সমাধানের আশ্বাস দেওয়া হয়েছে। এ ঘটনায় সংশ্লিষ্টদের বিরুদ্ধে আইনগত ব্যবস্থা নেওয়া হবে বলে জানানো হয়। প্রতিদিন প্রতিবেদক জানিয়েছেন এ বিষয়ে সংশ্লিষ্ট কর্তৃপক্ষ প্রয়োজনীয় ব্যবস্থা নিয়েছে। স্থানীয় বাসিন্দারা বলেন, দীর্ঘদিন ধরে এলাকায় নানা সমস্যা দেখা দিয়েছে। প্রশাসনের পক্ষ থেকে দ্রুত সমাধানের আশ্বাস দেওয়া হয়েছে। এ ঘটনায় সংশ্লিষ্টদের বিরুদ্ধে আইনগত ব্যবস্থা নেওয়া হবে বলে জানানো হয়। প্রতিদিন প্রতিবেদক জানিয়েছেন এ বিষয়ে সংশ্লিষ্ট কর্তৃপক্ষ প্রয়োজনীয় ব্যবস্থা নিয়েছে। স্থানীয় বাসিন্দারা বলেন, দীর্ঘদিন ধরে এলাকায় নানা সমস্যা দেখা দিয়েছে। প্রশাসনের পক্ষ থেকে দ্রুত সমাধানের আশ্বাস দেওয়া হয়েছে। এ ঘটনায় সংশ্লিষ্টদের বিরুদ্ধে আইনগত ব্যবস্থা নেওয়া হবে বলে জানানো হয়। প্রতিদিন প্রতিবেদক জানিয়েছেন এ বিষয়ে সংশ্লিষ্ট কর্তৃপক্ষ প্রয়োজনীয় ব্যবস্থা নিয়েছে। স্থানীয় বাসিন্দারা বলেন, দীর্ঘদিন ধরে এলাকায় নানা সমস্যা দেখা দিয়েছে। প্রশাসনের পক্ষ থেকে দ্রুত সমাধানের আশ্বাস দেওয়া হয়েছে। এ ঘটনায় সংশ্লিষ্টদের বিরুদ্ধে আইনগত ব্যবস্থা নেওয়া হবে বলে জানানো হয়। প্রতিদিন প্রতিবেদক জানিয়েছেন এ বিষয়ে সংশ্লিষ্ট কর্তৃপক্ষ প্রয়োজনীয় ব্যবস্থা নিয়েছে। স্থানীয় বাসিন্দারা বলেন, দীর্ঘদিন ধরে এলাকায় নানা সমস্যা দেখা দিয়েছে। প্রশাসনের পক্ষ থেকে দ্রুত সমাধানের আশ্বাস দেওয়া হয়েছে। এ ঘটনায় সংশ্লিষ্টদের বিরুদ্ধে আইনগত ব্যবস্থা নেওয়া হবে বলে জানানো হয়।

অক্সফোর্ডের ভ্যাকসিন

প্রতিদিন প্রতিবেদক জানিয়েছেন এ বিষয়ে সংশ্লিষ্ট কর্তৃপক্ষ প্রয়োজনীয় ব্যবস্থা নিয়েছে। স্থানীয় বাসিন্দারা বলেন, দীর্ঘদিন ধরে এলাকায় নানা সমস্যা দেখা দিয়েছে। প্রশাসনের পক্ষ থেকে দ্রুত সমাধানের আশ্বাস দেওয়া হয়েছে। এ ঘটনায় সংশ্লিষ্টদের বিরুদ্ধে আইনগত ব্যবস্থা নেওয়া হবে বলে জানানো হয়। প্রতিদিন প্রতিবেদক জানিয়েছেন এ বিষয়ে সংশ্লিষ্ট কর্তৃপক্ষ প্রয়োজনীয় ব্যবস্থা নিয়েছে। স্থানীয় বাসিন্দারা বলেন, দীর্ঘদিন ধরে এলাকায় নানা সমস্যা দেখা দিয়েছে। প্রশাসনের পক্ষ থেকে দ্রুত সমাধানের আশ্বাস দেওয়া হয়েছে। এ ঘটনায় সংশ্লিষ্টদের বিরুদ্ধে আইনগত ব্যবস্থা নেওয়া হবে বলে জানানো হয়। প্রতিদিন প্রতিবেদক জানিয়েছেন এ বিষয়ে সংশ্লিষ্ট কর্তৃপক্ষ প্রয়োজনীয় ব্যবস্থা নিয়েছে। স্থানীয় বাসিন্দারা বলেন, দীর্ঘদিন ধরে এলাকায় নানা সমস্যা দেখা দিয়েছে। প্রশাসনের পক্ষ থেকে দ্রুত সমাধানের আশ্বাস দেওয়া হয়েছে। এ ঘটনায় সংশ্লিষ্টদের বিরুদ্ধে আইনগত ব্যবস্থা নেওয়া হবে বলে জানানো হয়। প্রতিদিন প্রতিবেদক জানিয়েছেন এ বিষয়ে সংশ্লিষ্ট কর্তৃপক্ষ প্রয়োজনীয় ব্যবস্থা নিয়েছে। স্থানীয় বাসিন্দারা বলেন, দীর্ঘদিন ধরে এলাকায় নানা সমস্যা দেখা দিয়েছে। প্রশাসনের পক্ষ থেকে দ্রুত সমাধানের আশ্বাস দেওয়া হয়েছে। এ ঘটনায় সংশ্লিষ্টদের বিরুদ্ধে আইনগত ব্যবস্থা নেওয়া হবে বলে জানানো হয়। প্রতিদিন প্রতিবেদক জানিয়েছেন এ বিষয়ে সংশ্লিষ্ট কর্তৃপক্ষ প্রয়োজনীয় ব্যবস্থা নিয়েছে। স্থানীয় বাসিন্দারা বলেন, দীর্ঘদিন ধরে এলাকায় নানা সমস্যা দেখা দিয়েছে। প্রশাসনের পক্ষ থেকে দ্রুত সমাধানের আশ্বাস দেওয়া হয়েছে। এ ঘটনায় সংশ্লিষ্টদের বিরুদ্ধে আইনগত ব্যবস্থা নেওয়া হবে বলে জানানো হয়। প্রতিদিন প্রতিবেদক জানিয়েছেন এ বিষয়ে সংশ্লিষ্ট কর্তৃপক্ষ প্রয়োজনীয় ব্যবস্থা নিয়েছে। স্থানীয় বাসিন্দারা বলেন, দীর্ঘদিন ধরে এলাকায় নানা সমস্যা দেখা দিয়েছে। প্রশাসনের পক্ষ থেকে দ্রুত সমাধানের আশ্বাস দেওয়া হয়েছে। এ ঘটনায় সংশ্লিষ্টদের বিরুদ্ধে আইনগত ব্যবস্থা নেওয়া হবে বলে জানানো হয়। প্রতিদিন প্রতিবেদক জানিয়েছেন এ বিষয়ে সংশ্লিষ্ট কর্তৃপক্ষ প্রয়োজনীয় ব্যবস্থা নিয়েছে। স্থানীয় বাসিন্দারা বলেন, দীর্ঘদিন ধরে এলাকায় নানা সমস্যা দেখা দিয়েছে। প্রশাসনের পক্ষ থেকে দ্রুত সমাধানের আশ্বাস দেওয়া হয়েছে। এ ঘটনায় সংশ্লিষ্টদের বিরুদ্ধে আইনগত ব্যবস্থা নেওয়া হবে বলে জানানো হয়। প্রতিদিন প্রতিবেদক জানিয়েছেন এ বিষয়ে সংশ্লিষ্ট কর্তৃপক্ষ প্রয়োজনীয় ব্যবস্থা নিয়েছে। স্থানীয় বাসিন্দারা বলেন, দীর্ঘদিন ধরে এলাকায় নানা সমস্যা দেখা দিয়েছে। প্রশাসনের পক্ষ থেকে দ্রুত সমাধানের আশ্বাস দেওয়া হয়েছে। এ ঘটনায় সংশ্লিষ্টদের বিরুদ্ধে আইনগত ব্যবস্থা নেওয়া হবে বলে জানানো হয়।

প্রবাসীর পলায়ন

প্রতিদিন প্রতিবেদক জানিয়েছেন এ বিষয়ে সংশ্লিষ্ট কর্তৃপক্ষ প্রয়োজনীয় ব্যবস্থা নিয়েছে। স্থানীয় বাসিন্দারা বলেন, দীর্ঘদিন ধরে এলাকায় নানা সমস্যা দেখা দিয়েছে। প্রশাসনের পক্ষ থেকে দ্রুত সমাধানের আশ্বাস দেওয়া হয়েছে। এ ঘটনায় সংশ্লিষ্টদের বিরুদ্ধে আইনগত ব্যবস্থা নেওয়া হবে বলে জানানো হয়। প্রতিদিন প্রতিবেদক জানিয়েছেন এ বিষয়ে সংশ্লিষ্ট কর্তৃপক্ষ প্রয়োজনীয় ব্যবস্থা নিয়েছে। স্থানীয় বাসিন্দারা বলেন, দীর্ঘদিন ধরে এলাকায় নানা সমস্যা দেখা দিয়েছে। প্রশাসনের পক্ষ থেকে দ্রুত সমাধানের আশ্বাস দেওয়া হয়েছে। এ ঘটনায় সংশ্লিষ্টদের বিরুদ্ধে আইনগত ব্যবস্থা নেওয়া হবে বলে জানানো হয়। প্রতিদিন প্রতিবেদক জানিয়েছেন এ বিষয়ে সংশ্লিষ্ট কর্তৃপক্ষ প্রয়োজনীয় ব্যবস্থা নিয়েছে। স্থানীয় বাসিন্দারা বলেন, দীর্ঘদিন ধরে এলাকায় নানা সমস্যা দেখা দিয়েছে। প্রশাসনের পক্ষ থেকে দ্রুত সমাধানের আশ্বাস দেওয়া হয়েছে। এ ঘটনায় সংশ্লিষ্টদের বিরুদ্ধে আইনগত ব্যবস্থা নেওয়া হবে বলে জানানো হয়। প্রতিদিন প্রতিবেদক জানিয়েছেন এ বিষয়ে সংশ্লিষ্ট কর্তৃপক্ষ প্রয়োজনীয় ব্যবস্থা নিয়েছে। স্থানীয় বাসিন্দারা বলেন, দীর্ঘদিন ধরে এলাকায় নানা সমস্যা দেখা দিয়েছে। প্রশাসনের পক্ষ থেকে দ্রুত সমাধানের আশ্বাস দেওয়া হয়েছে। এ ঘটনায় সংশ্লিষ্টদের বিরুদ্ধে আইনগত ব্যবস্থা নেওয়া হবে বলে জানানো হয়। প্রতিদিন প্রতিবেদক জানিয়েছেন এ বিষয়ে সংশ্লিষ্ট কর্তৃপক্ষ প্রয়োজনীয় ব্যবস্থা নিয়েছে। স্থানীয় বাসিন্দারা বলেন, দীর্ঘদিন ধরে এলাকায় নানা সমস্যা দেখা দিয়েছে। প্রশাসনের পক্ষ থেকে দ্রুত সমাধানের আশ্বাস দেওয়া হয়েছে। এ ঘটনায় সংশ্লিষ্টদের বিরুদ্ধে আইনগত ব্যবস্থা নেওয়া হবে বলে জানানো হয়। প্রতিদিন প্রতিবেদক জানিয়েছেন এ বিষয়ে সংশ্লিষ্ট কর্তৃপক্ষ প্রয়োজনীয় ব্যবস্থা নিয়েছে। স্থানীয় বাসিন্দারা বলেন, দীর্ঘদিন ধরে এলাকায় নানা সমস্যা দেখা দিয়েছে। প্রশাসনের পক্ষ থেকে দ্রুত সমাধানের আশ্বাস দেওয়া হয়েছে। এ ঘটনায় সংশ্লিষ্টদের বিরুদ্ধে আইনগত ব্যবস্থা নেওয়া হবে বলে জানানো হয়।

দেবদূত আলী

প্রতিদিন প্রতিবেদক জানিয়েছেন এ বিষয়ে সংশ্লিষ্ট কর্তৃপক্ষ প্রয়োজনীয় ব্যবস্থা নিয়েছে। স্থানীয় বাসিন্দারা বলেন, দীর্ঘদিন ধরে এলাকায় নানা সমস্যা দেখা দিয়েছে। প্রশাসনের পক্ষ থেকে দ্রুত সমাধানের আশ্বাস দেওয়া হয়েছে। এ ঘটনায় সংশ্লিষ্টদের বিরুদ্ধে আইনগত ব্যবস্থা নেওয়া হবে বলে জানানো হয়। প্রতিদিন প্রতিবেদক জানিয়েছেন এ বিষয়ে সংশ্লিষ্ট কর্তৃপক্ষ প্রয়োজনীয় ব্যবস্থা নিয়েছে। স্থানীয় বাসিন্দারা বলেন, দীর্ঘদিন ধরে এলাকায় নানা সমস্যা দেখা দিয়েছে। প্রশাসনের পক্ষ থেকে দ্রুত সমাধানের আশ্বাস দেওয়া হয়েছে। এ ঘটনায় সংশ্লিষ্টদের বিরুদ্ধে আইনগত ব্যবস্থা নেওয়া হবে বলে জানানো হয়। প্রতিদিন প্রতিবেদক জানিয়েছেন এ বিষয়ে সংশ্লিষ্ট কর্তৃপক্ষ প্রয়োজনীয় ব্যবস্থা নিয়েছে। স্থানীয় বাসিন্দারা বলেন, দীর্ঘদিন ধরে এলাকায় নানা সমস্যা দেখা দিয়েছে। প্রশাসনের পক্ষ থেকে দ্রুত সমাধানের আশ্বাস দেওয়া হয়েছে। এ ঘটনায় সংশ্লিষ্টদের বিরুদ্ধে আইনগত ব্যবস্থা নেওয়া হবে বলে জানানো হয়।

করোনায় থেমে নেই

প্রতিদিন প্রতিবেদক জানিয়েছেন এ বিষয়ে সংশ্লিষ্ট কর্তৃপক্ষ প্রয়োজনীয় ব্যবস্থা নিয়েছে। স্থানীয় বাসিন্দারা বলেন, দীর্ঘদিন ধরে এলাকায় নানা সমস্যা দেখা দিয়েছে। প্রশাসনের পক্ষ থেকে দ্রুত সমাধানের আশ্বাস দেওয়া হয়েছে। এ ঘটনায় সংশ্লিষ্টদের বিরুদ্ধে আইনগত ব্যবস্থা নেওয়া হবে বলে জানানো হয়। প্রতিদিন প্রতিবেদক জানিয়েছেন এ বিষয়ে সংশ্লিষ্ট কর্তৃপক্ষ প্রয়োজনীয় ব্যবস্থা নিয়েছে। স্থানীয় বাসিন্দারা বলেন, দীর্ঘদিন ধরে এলাকায় নানা সমস্যা দেখা দিয়েছে। প্রশাসনের পক্ষ থেকে দ্রুত সমাধানের আশ্বাস দেওয়া হয়েছে। এ ঘটনায় সংশ্লিষ্টদের বিরুদ্ধে আইনগত ব্যবস্থা নেওয়া হবে বলে জানানো হয়। প্রতিদিন প্রতিবেদক জানিয়েছেন এ বিষয়ে সংশ্লিষ্ট কর্তৃপক্ষ প্রয়োজনীয় ব্যবস্থা নিয়েছে। স্থানীয় বাসিন্দারা বলেন, দীর্ঘদিন ধরে এলাকায় নানা সমস্যা দেখা দিয়েছে। প্রশাসনের পক্ষ থেকে দ্রুত সমাধানের আশ্বাস দেওয়া হয়েছে। এ ঘটনায় সংশ্লিষ্টদের বিরুদ্ধে আইনগত ব্যবস্থা নেওয়া হবে বলে জানানো হয়। প্রতিদিন প্রতিবেদক জানিয়েছেন এ বিষয়ে সংশ্লিষ্ট কর্তৃপক্ষ প্রয়োজনীয় ব্যবস্থা নিয়েছে। স্থানীয় বাসিন্দারা বলেন, দীর্ঘদিন ধরে এলাকায় নানা সমস্যা দেখা দিয়েছে। প্রশাসনের পক্ষ থেকে দ্রুত সমাধানের আশ্বাস দেওয়া হয়েছে। এ ঘটনায় সংশ্লিষ্টদের বিরুদ্ধে আইনগত ব্যবস্থা নেওয়া হবে বলে জানানো হয়। প্রতিদিন প্রতিবেদক জানিয়েছেন এ বিষয়ে সংশ্লিষ্ট কর্তৃপক্ষ প্রয়োজনীয় ব্যবস্থা নিয়েছে। স্থানীয় বাসিন্দারা বলেন, দীর্ঘদিন ধরে এলাকায় নানা সমস্যা দেখা দিয়েছে। প্রশাসনের পক্ষ থেকে দ্রুত সমাধানের আশ্বাস দেওয়া হয়েছে। এ ঘটনায় সংশ্লিষ্টদের বিরুদ্ধে আইনগত ব্যবস্থা নেওয়া হবে বলে জানানো হয়। প্রতিদিন প্রতিবেদক জানিয়েছেন এ বিষয়ে সংশ্লিষ্ট কর্তৃপক্ষ প্রয়োজনীয় ব্যবস্থা নিয়েছে। স্থানীয় বাসিন্দারা বলেন, দীর্ঘদিন ধরে এলাকায় নানা সমস্যা দেখা দিয়েছে। প্রশাসনের পক্ষ থেকে দ্রুত সমাধানের আশ্বাস দেওয়া হয়েছে। এ ঘটনায় সংশ্লিষ্টদের বিরুদ্ধে আইনগত ব্যবস্থা নেওয়া হবে বলে জানানো হয়। প্রতিদিন প্রতিবেদক জানিয়েছেন এ বিষয়ে সংশ্লিষ্ট কর্তৃপক্ষ প্রয়োজনীয় ব্যবস্থা নিয়েছে। স্থানীয় বাসিন্দারা বলেন, দীর্ঘদিন ধরে এলাকায় নানা সমস্যা দেখা দিয়েছে। প্রশাসনের পক্ষ থেকে দ্রুত সমাধানের আশ্বাস দেওয়া হয়েছে। এ ঘটনায় সংশ্লিষ্টদের বিরুদ্ধে আইনগত ব্যবস্থা নেওয়া হবে বলে জানানো হয়।

চীনকে লেলে

প্রতিদিন প্রতিবেদক জানিয়েছেন এ বিষয়ে সংশ্লিষ্ট কর্তৃপক্ষ প্রয়োজনীয় ব্যবস্থা নিয়েছে। স্থানীয় বাসিন্দারা বলেন, দীর্ঘদিন ধরে এলাকায় নানা সমস্যা দেখা দিয়েছে। প্রশাসনের পক্ষ থেকে দ্রুত সমাধানের আশ্বাস দেওয়া হয়েছে। এ ঘটনায় সংশ্লিষ্টদের বিরুদ্ধে আইনগত ব্যবস্থা নেওয়া হবে বলে জানানো হয়। প্রতিদিন প্রতিবেদক জানিয়েছেন এ বিষয়ে সংশ্লিষ্ট কর্তৃপক্ষ প্রয়োজনীয় ব্যবস্থা নিয়েছে। স্থানীয় বাসিন্দারা বলেন, দীর্ঘদিন ধরে এলাকায় নানা সমস্যা দেখা দিয়েছে। প্রশাসনের পক্ষ থেকে দ্রুত সমাধানের আশ্বাস দেওয়া হয়েছে। এ ঘটনায় সংশ্লিষ্টদের বিরুদ্ধে আইনগত ব্যবস্থা নেওয়া হবে বলে জানানো হয়। প্রতিদিন প্রতিবেদক জানিয়েছেন এ বিষয়ে সংশ্লিষ্ট কর্তৃপক্ষ প্রয়োজনীয় ব্যবস্থা নিয়েছে। স্থানীয় বাসিন্দারা বলেন, দীর্ঘদিন ধরে এলাকায় নানা সমস্যা দেখা দিয়েছে। প্রশাসনের পক্ষ থেকে দ্রুত সমাধানের আশ্বাস দেওয়া হয়েছে। এ ঘটনায় সংশ্লিষ্টদের বিরুদ্ধে আইনগত ব্যবস্থা নেওয়া হবে বলে জানানো হয়। প্রতিদিন প্রতিবেদক জানিয়েছেন এ বিষয়ে সংশ্লিষ্ট কর্তৃপক্ষ প্রয়োজনীয় ব্যবস্থা নিয়েছে। স্থানীয় বাসিন্দারা বলেন, দীর্ঘদিন ধরে এলাকায় নানা সমস্যা দেখা দিয়েছে। প্রশাসনের পক্ষ থেকে দ্রুত সমাধানের আশ্বাস দেওয়া হয়েছে। এ ঘটনায় সংশ্লিষ্টদের বিরুদ্ধে আইনগত ব্যবস্থা নেওয়া হবে বলে জানানো হয়। প্রতিদিন প্রতিবেদক জানিয়েছেন এ বিষয়ে সংশ্লিষ্ট কর্তৃপক্ষ প্রয়োজনীয় ব্যবস্থা নিয়েছে। স্থানীয় বাসিন্দারা বলেন, দীর্ঘদিন ধরে এলাকায় নানা সমস্যা দেখা দিয়েছে। প্রশাসনের পক্ষ থেকে দ্রুত সমাধানের আশ্বাস দেওয়া হয়েছে। এ ঘটনায় সংশ্লিষ্টদের বিরুদ্ধে আইনগত ব্যবস্থা নেওয়া হবে বলে জানানো হয়। প্রতিদিন প্রতিবেদক জানিয়েছেন এ বিষয়ে সংশ্লিষ্ট কর্তৃপক্ষ প্রয়োজনীয় ব্যবস্থা নিয়েছে। স্থানীয় বাসিন্দারা বলেন, দীর্ঘদিন ধরে এলাকায় নানা সমস্যা দেখা দিয়েছে। প্রশাসনের পক্ষ থেকে দ্রুত সমাধানের আশ্বাস দেওয়া হয়েছে। এ ঘটনায় সংশ্লিষ্টদের বিরুদ্ধে আইনগত ব্যবস্থা নেওয়া হবে বলে জানানো হয়। প্রতিদিন প্রতিবেদক জানিয়েছেন এ বিষয়ে সংশ্লিষ্ট কর্তৃপক্ষ প্রয়োজনীয় ব্যবস্থা নিয়েছে। স্থানীয় বাসিন্দারা বলেন, দীর্ঘদিন ধরে এলাকায় নানা সমস্যা দেখা দিয়েছে। প্রশাসনের পক্ষ থেকে দ্রুত সমাধানের আশ্বাস দেওয়া হয়েছে। এ ঘটনায় সংশ্লিষ্টদের বিরুদ্ধে আইনগত ব্যবস্থা নেওয়া হবে বলে জানানো হয়।

কারিগরে মুনাফা না

প্রতিদিন প্রতিবেদক জানিয়েছেন এ বিষয়ে সংশ্লিষ্ট কর্তৃপক্ষ প্রয়োজনীয় ব্যবস্থা নিয়েছে। স্থানীয় বাসিন্দারা বলেন, দীর্ঘদিন ধরে এলাকায় নানা সমস্যা দেখা দিয়েছে। প্রশাসনের পক্ষ থেকে দ্রুত সমাধানের আশ্বাস দেওয়া হয়েছে। এ ঘটনায় সংশ্লিষ্টদের বিরুদ্ধে আইনগত ব্যবস্থা নেওয়া হবে বলে জানানো হয়। প্রতিদিন প্রতিবেদক জানিয়েছেন এ বিষয়ে সংশ্লিষ্ট কর্তৃপক্ষ প্রয়োজনীয় ব্যবস্থা নিয়েছে। স্থানীয় বাসিন্দারা বলেন, দীর্ঘদিন ধরে এলাকায় নানা সমস্যা দেখা দিয়েছে। প্রশাসনের পক্ষ থেকে দ্রুত সমাধানের আশ্বাস দেওয়া হয়েছে। এ ঘটনায় সংশ্লিষ্টদের বিরুদ্ধে আইনগত ব্যবস্থা নেওয়া হবে বলে জানানো হয়। প্রতিদিন প্রতিবেদক জানিয়েছেন এ বিষয়ে সংশ্লিষ্ট কর্তৃপক্ষ প্রয়োজনীয় ব্যবস্থা নিয়েছে। স্থানীয় বাসিন্দারা বলেন, দীর্ঘদিন ধরে এলাকায় নানা সমস্যা দেখা দিয়েছে। প্রশাসনের পক্ষ থেকে দ্রুত সমাধানের আশ্বাস দেওয়া হয়েছে। এ ঘটনায় সংশ্লিষ্টদের বিরুদ্ধে আইনগত ব্যবস্থা নেওয়া হবে বলে জানানো হয়। প্রতিদিন প্রতিবেদক জানিয়েছেন এ বিষয়ে সংশ্লিষ্ট কর্তৃপক্ষ প্রয়োজনীয় ব্যবস্থা নিয়েছে। স্থানীয় বাসিন্দারা বলেন, দীর্ঘদিন ধরে এলাকায় নানা সমস্যা দেখা দিয়েছে। প্রশাসনের পক্ষ থেকে দ্রুত সমাধানের আশ্বাস দেওয়া হয়েছে। এ ঘটনায় সংশ্লিষ্টদের বিরুদ্ধে আইনগত ব্যবস্থা নেওয়া হবে বলে জানানো হয়। প্রতিদিন প্রতিবেদক জানিয়েছেন এ বিষয়ে সংশ্লিষ্ট কর্তৃপক্ষ প্রয়োজনীয় ব্যবস্থা নিয়েছে। স্থানীয় বাসিন্দারা বলেন, দীর্ঘদিন ধরে এলাকায় নানা সমস্যা দেখা দিয়েছে। প্রশাসনের পক্ষ থেকে দ্রুত সমাধানের আশ্বাস দেওয়া হয়েছে। এ ঘটনায় সংশ্লিষ্টদের বিরুদ্ধে আইনগত ব্যবস্থা নেওয়া হবে বলে জানানো হয়। প্রতিদিন প্রতিবেদক জানিয়েছেন এ বিষয়ে সংশ্লিষ্ট কর্তৃপক্ষ প্রয়োজনীয় ব্যবস্থা নিয়েছে। স্থানীয় বাসিন্দারা বলেন, দীর্ঘদিন ধরে এলাকায় নানা সমস্যা দেখা দিয়েছে। প্রশাসনের পক্ষ থেকে দ্রুত সমাধানের আশ্বাস দেওয়া হয়েছে। এ ঘটনায় সংশ্লিষ্টদের বিরুদ্ধে আইনগত ব্যবস্থা নেওয়া হবে বলে জানানো হয়।

বিপর্যয় পর্যটন খাত

প্রতিদিন প্রতিবেদক জানিয়েছেন এ বিষয়ে সংশ্লিষ্ট কর্তৃপক্ষ প্রয়োজনীয় ব্যবস্থা নিয়েছে। স্থানীয় বাসিন্দারা বলেন, দীর্ঘদিন ধরে এলাকায় নানা সমস্যা দেখা দিয়েছে। প্রশাসনের পক্ষ থেকে দ্রুত সমাধানের আশ্বাস দেওয়া হয়েছে। এ ঘটনায় সংশ্লিষ্টদের বিরুদ্ধে আইনগত ব্যবস্থা নেওয়া হবে বলে জানানো হয়। প্রতিদিন প্রতিবেদক জানিয়েছেন এ বিষয়ে সংশ্লিষ্ট কর্তৃপক্ষ প্রয়োজনীয় ব্যবস্থা নিয়েছে। স্থানীয় বাসিন্দারা বলেন, দীর্ঘদিন ধরে এলাকায় নানা সমস্যা দেখা দিয়েছে। প্রশাসনের পক্ষ থেকে দ্রুত সমাধানের আশ্বাস দেওয়া হয়েছে। এ ঘটনায় সংশ্লিষ্টদের বিরুদ্ধে আইনগত ব্যবস্থা নেওয়া হবে বলে জানানো হয়। প্রতিদিন প্রতিবেদক জানিয়েছেন এ বিষয়ে সংশ্লিষ্ট কর্তৃপক্ষ প্রয়োজনীয় ব্যবস্থা নিয়েছে। স্থানীয় বাসিন্দারা বলেন, দীর্ঘদিন ধরে এলাকায় নানা সমস্যা দেখা দিয়েছে। প্রশাসনের পক্ষ থেকে দ্রুত সমাধানের আশ্বাস দেওয়া হয়েছে। এ ঘটনায় সংশ্লিষ্টদের বিরুদ্ধে আইনগত ব্যবস্থা নেওয়া হবে বলে জানানো হয়। প্রতিদিন প্রতিবেদক জানিয়েছেন এ বিষয়ে সংশ্লিষ্ট কর্তৃপক্ষ প্রয়োজনীয় ব্যবস্থা নিয়েছে। স্থানীয় বাসিন্দারা বলেন, দীর্ঘদিন ধরে এলাকায় নানা সমস্যা দেখা দিয়েছে। প্রশাসনের পক্ষ থেকে দ্রুত সমাধানের আশ্বাস দেওয়া হয়েছে। এ ঘটনায় সংশ্লিষ্টদের বিরুদ্ধে আইনগত ব্যবস্থা নেওয়া হবে বলে জানানো হয়। প্রতিদিন প্রতিবেদক জানিয়েছেন এ বিষয়ে সংশ্লিষ্ট কর্তৃপক্ষ প্রয়োজনীয় ব্যবস্থা নিয়েছে। স্থানীয় বাসিন্দারা বলেন, দীর্ঘদিন ধরে এলাকায় নানা সমস্যা দেখা দিয়েছে। প্রশাসনের পক্ষ থেকে দ্রুত সমাধানের আশ্বাস দেওয়া হয়েছে। এ ঘটনায় সংশ্লিষ্টদের বিরুদ্ধে আইনগত ব্যবস্থা নেওয়া হবে বলে জানানো হয়। প্রতিদিন প্রতিবেদক জানিয়েছেন এ বিষয়ে সংশ্লিষ্ট কর্তৃপক্ষ প্রয়োজনীয় ব্যবস্থা নিয়েছে। স্থানীয় বাসিন্দারা বলেন, দীর্ঘদিন ধরে এলাকায় নানা সমস্যা দেখা দিয়েছে। প্রশাসনের পক্ষ থেকে দ্রুত সমাধানের আশ্বাস দেওয়া হয়েছে। এ ঘটনায় সংশ্লিষ্টদের বিরুদ্ধে আইনগত ব্যবস্থা নেওয়া হবে বলে জানানো হয়।
